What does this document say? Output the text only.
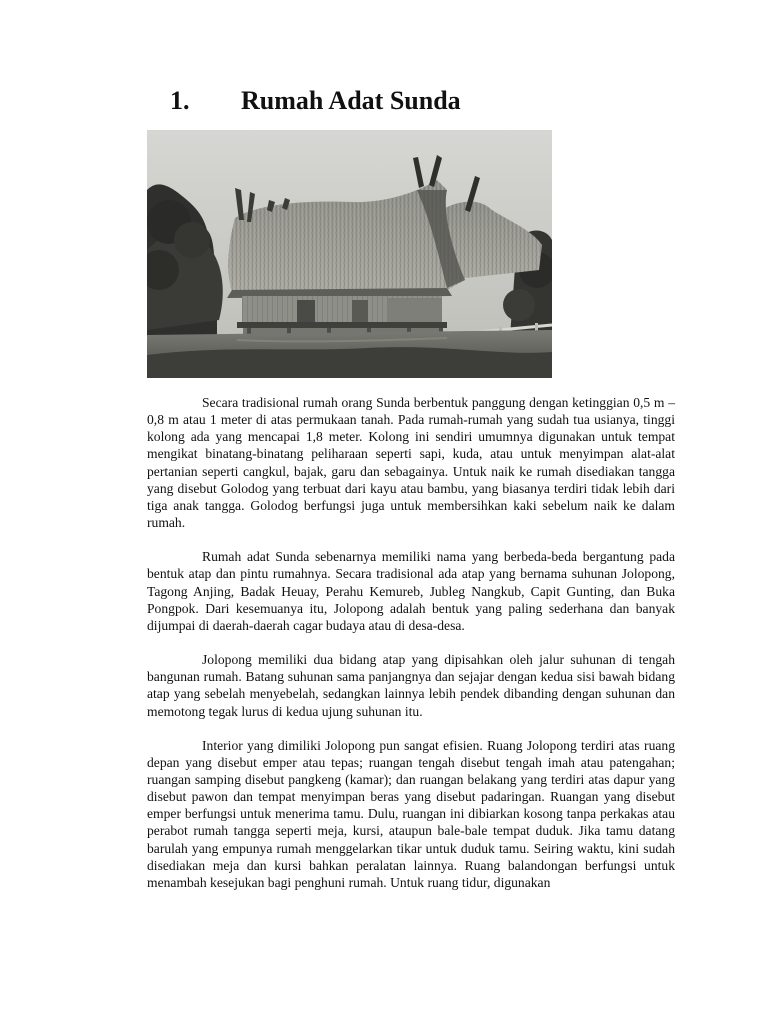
1. Rumah Adat Sunda

Secara tradisional rumah orang Sunda berbentuk panggung dengan ketinggian 0,5 m – 0,8 m atau 1 meter di atas permukaan tanah. Pada rumah-rumah yang sudah tua usianya, tinggi kolong ada yang mencapai 1,8 meter. Kolong ini sendiri umumnya digunakan untuk tempat mengikat binatang-binatang peliharaan seperti sapi, kuda, atau untuk menyimpan alat-alat pertanian seperti cangkul, bajak, garu dan sebagainya. Untuk naik ke rumah disediakan tangga yang disebut Golodog yang terbuat dari kayu atau bambu, yang biasanya terdiri tidak lebih dari tiga anak tangga. Golodog berfungsi juga untuk membersihkan kaki sebelum naik ke dalam rumah.

Rumah adat Sunda sebenarnya memiliki nama yang berbeda-beda bergantung pada bentuk atap dan pintu rumahnya. Secara tradisional ada atap yang bernama suhunan Jolopong, Tagong Anjing, Badak Heuay, Perahu Kemureb, Jubleg Nangkub, Capit Gunting, dan Buka Pongpok. Dari kesemuanya itu, Jolopong adalah bentuk yang paling sederhana dan banyak dijumpai di daerah-daerah cagar budaya atau di desa-desa.

Jolopong memiliki dua bidang atap yang dipisahkan oleh jalur suhunan di tengah bangunan rumah. Batang suhunan sama panjangnya dan sejajar dengan kedua sisi bawah bidang atap yang sebelah menyebelah, sedangkan lainnya lebih pendek dibanding dengan suhunan dan memotong tegak lurus di kedua ujung suhunan itu.

Interior yang dimiliki Jolopong pun sangat efisien. Ruang Jolopong terdiri atas ruang depan yang disebut emper atau tepas; ruangan tengah disebut tengah imah atau patengahan; ruangan samping disebut pangkeng (kamar); dan ruangan belakang yang terdiri atas dapur yang disebut pawon dan tempat menyimpan beras yang disebut padaringan. Ruangan yang disebut emper berfungsi untuk menerima tamu. Dulu, ruangan ini dibiarkan kosong tanpa perkakas atau perabot rumah tangga seperti meja, kursi, ataupun bale-bale tempat duduk. Jika tamu datang barulah yang empunya rumah menggelarkan tikar untuk duduk tamu. Seiring waktu, kini sudah disediakan meja dan kursi bahkan peralatan lainnya. Ruang balandongan berfungsi untuk menambah kesejukan bagi penghuni rumah. Untuk ruang tidur, digunakan
